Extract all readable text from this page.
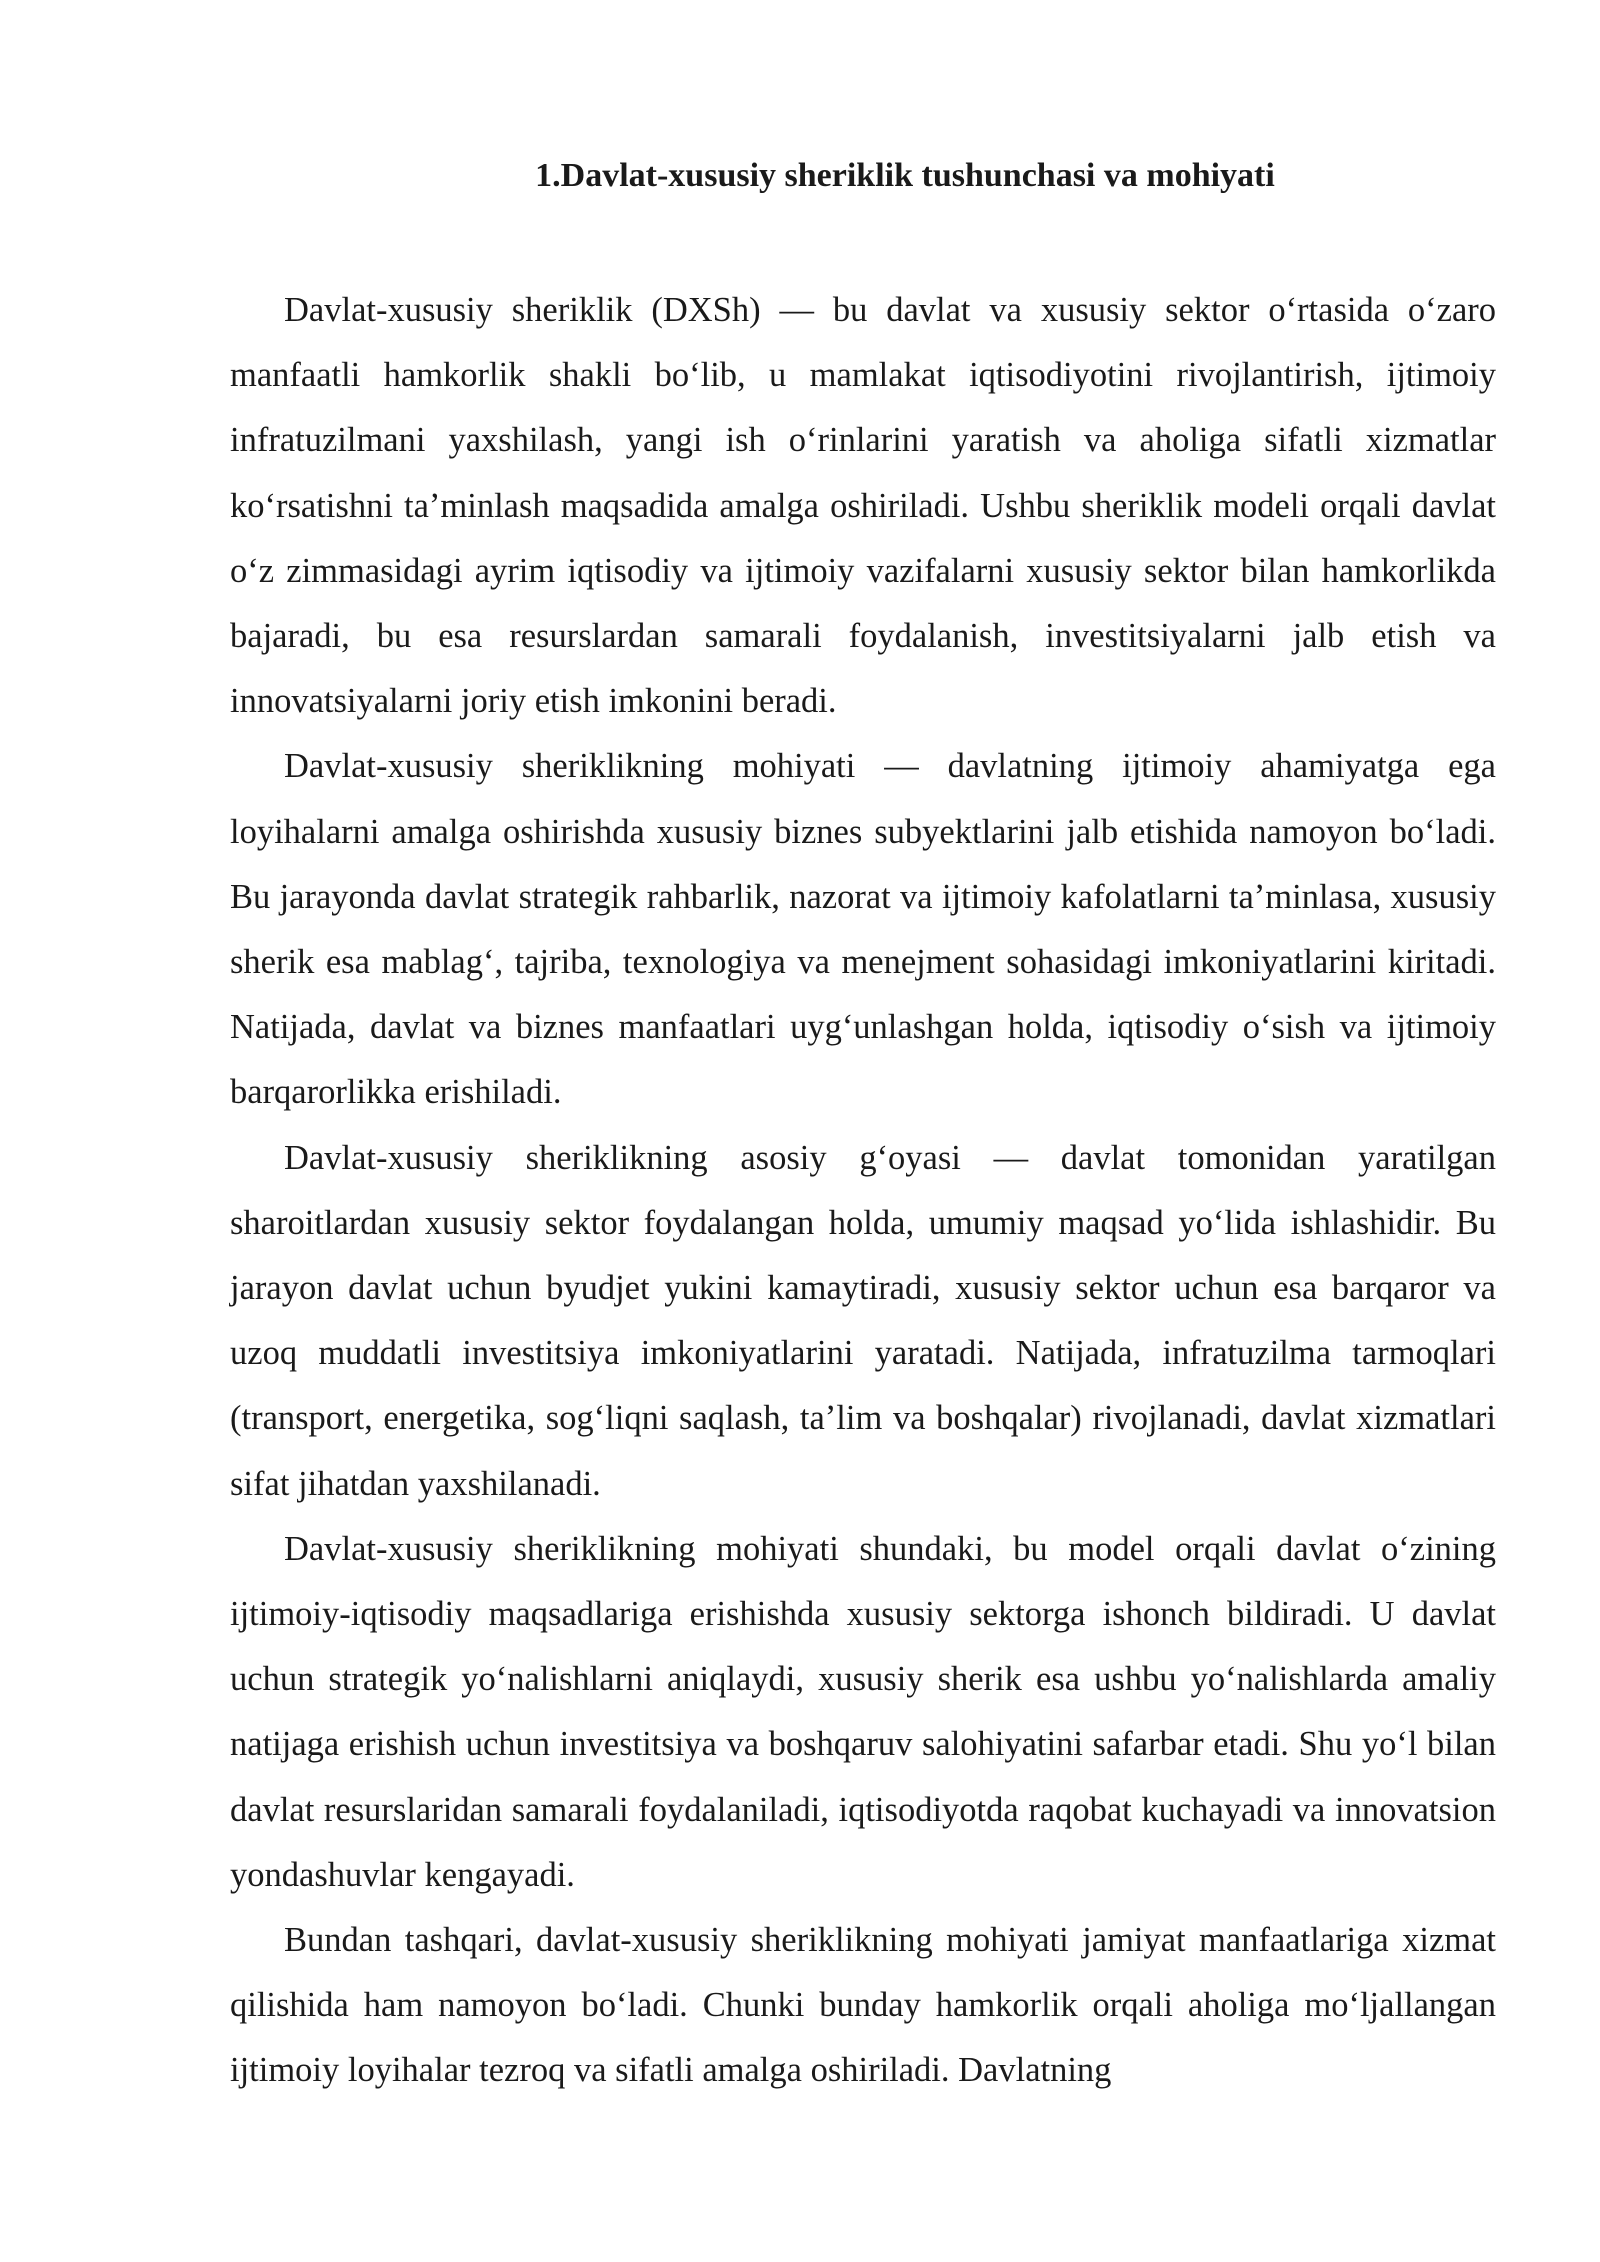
1.Davlat-xususiy sheriklik tushunchasi va mohiyati

Davlat-xususiy sheriklik (DXSh) — bu davlat va xususiy sektor oʻrtasida oʻzaro manfaatli hamkorlik shakli boʻlib, u mamlakat iqtisodiyotini rivojlantirish, ijtimoiy infratuzilmani yaxshilash, yangi ish oʻrinlarini yaratish va aholiga sifatli xizmatlar koʻrsatishni taʼminlash maqsadida amalga oshiriladi. Ushbu sheriklik modeli orqali davlat oʻz zimmasidagi ayrim iqtisodiy va ijtimoiy vazifalarni xususiy sektor bilan hamkorlikda bajaradi, bu esa resurslardan samarali foydalanish, investitsiyalarni jalb etish va innovatsiyalarni joriy etish imkonini beradi.

Davlat-xususiy sheriklikning mohiyati — davlatning ijtimoiy ahamiyatga ega loyihalarni amalga oshirishda xususiy biznes subyektlarini jalb etishida namoyon boʻladi. Bu jarayonda davlat strategik rahbarlik, nazorat va ijtimoiy kafolatlarni taʼminlasa, xususiy sherik esa mablagʻ, tajriba, texnologiya va menejment sohasidagi imkoniyatlarini kiritadi. Natijada, davlat va biznes manfaatlari uygʻunlashgan holda, iqtisodiy oʻsish va ijtimoiy barqarorlikka erishiladi.

Davlat-xususiy sheriklikning asosiy gʻoyasi — davlat tomonidan yaratilgan sharoitlardan xususiy sektor foydalangan holda, umumiy maqsad yoʻlida ishlashidir. Bu jarayon davlat uchun byudjet yukini kamaytiradi, xususiy sektor uchun esa barqaror va uzoq muddatli investitsiya imkoniyatlarini yaratadi. Natijada, infratuzilma tarmoqlari (transport, energetika, sogʻliqni saqlash, taʼlim va boshqalar) rivojlanadi, davlat xizmatlari sifat jihatdan yaxshilanadi.

Davlat-xususiy sheriklikning mohiyati shundaki, bu model orqali davlat oʻzining ijtimoiy-iqtisodiy maqsadlariga erishishda xususiy sektorga ishonch bildiradi. U davlat uchun strategik yoʻnalishlarni aniqlaydi, xususiy sherik esa ushbu yoʻnalishlarda amaliy natijaga erishish uchun investitsiya va boshqaruv salohiyatini safarbar etadi. Shu yoʻl bilan davlat resurslaridan samarali foydalaniladi, iqtisodiyotda raqobat kuchayadi va innovatsion yondashuvlar kengayadi.

Bundan tashqari, davlat-xususiy sheriklikning mohiyati jamiyat manfaatlariga xizmat qilishida ham namoyon boʻladi. Chunki bunday hamkorlik orqali aholiga moʻljallangan ijtimoiy loyihalar tezroq va sifatli amalga oshiriladi. Davlatning
